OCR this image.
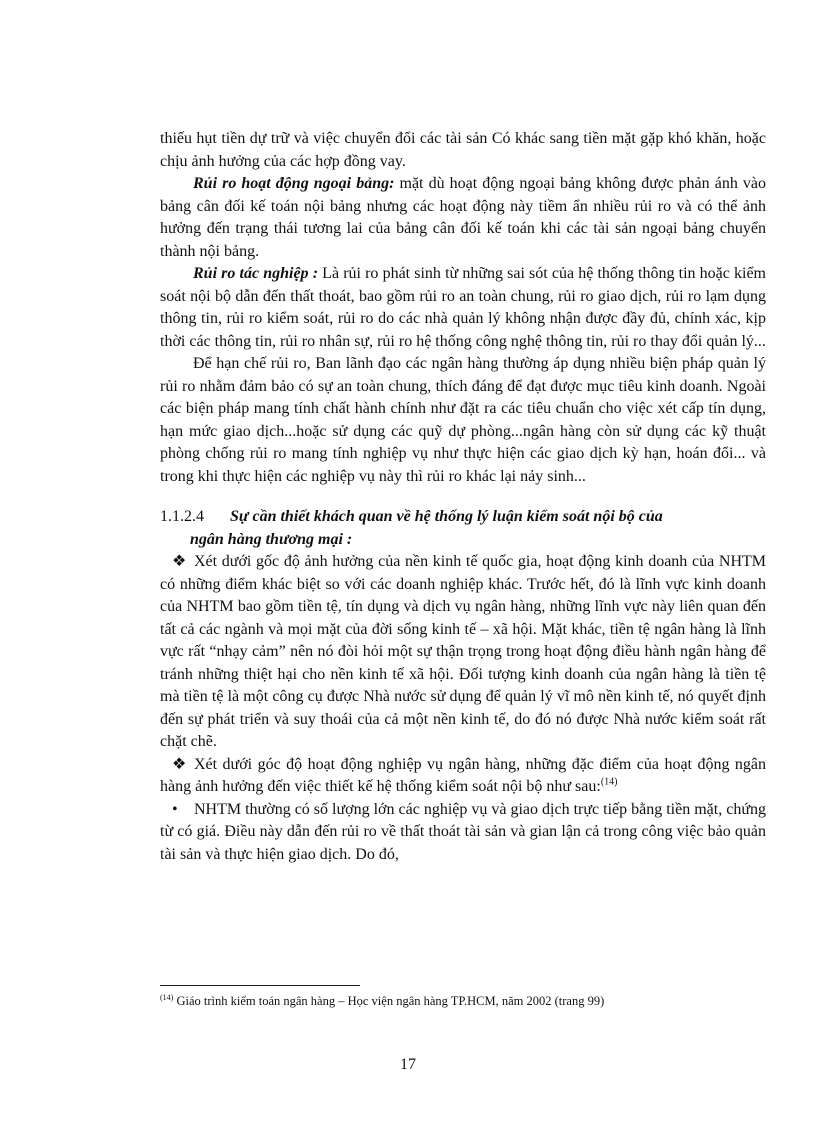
thiếu hụt tiền dự trữ và việc chuyển đổi các tài sản Có khác sang tiền mặt gặp khó khăn, hoặc chịu ảnh hưởng của các hợp đồng vay.

Rủi ro hoạt động ngoại bảng: mặt dù hoạt động ngoại bảng không được phản ánh vào bảng cân đối kế toán nội bảng nhưng các hoạt động này tiềm ẩn nhiều rủi ro và có thể ảnh hưởng đến trạng thái tương lai của bảng cân đối kế toán khi các tài sản ngoại bảng chuyển thành nội bảng.

Rủi ro tác nghiệp : Là rủi ro phát sinh từ những sai sót của hệ thống thông tin hoặc kiểm soát nội bộ dẫn đến thất thoát, bao gồm rủi ro an toàn chung, rủi ro giao dịch, rủi ro lạm dụng thông tin, rủi ro kiểm soát, rủi ro do các nhà quản lý không nhận được đầy đủ, chính xác, kịp thời các thông tin, rủi ro nhân sự, rủi ro hệ thống công nghệ thông tin, rủi ro thay đổi quản lý...

Để hạn chế rủi ro, Ban lãnh đạo các ngân hàng thường áp dụng nhiều biện pháp quản lý rủi ro nhằm đảm bảo có sự an toàn chung, thích đáng để đạt được mục tiêu kinh doanh. Ngoài các biện pháp mang tính chất hành chính như đặt ra các tiêu chuẩn cho việc xét cấp tín dụng, hạn mức giao dịch...hoặc sử dụng các quỹ dự phòng...ngân hàng còn sử dụng các kỹ thuật phòng chống rủi ro mang tính nghiệp vụ như thực hiện các giao dịch kỳ hạn, hoán đổi... và trong khi thực hiện các nghiệp vụ này thì rủi ro khác lại nảy sinh...

1.1.2.4	Sự cần thiết khách quan về hệ thống lý luận kiểm soát nội bộ của

ngân hàng thương mại :

❖ Xét dưới gốc độ ảnh hưởng của nền kinh tế quốc gia, hoạt động kinh doanh của NHTM có những điểm khác biệt so với các doanh nghiệp khác. Trước hết, đó là lĩnh vực kinh doanh của NHTM bao gồm tiền tệ, tín dụng và dịch vụ ngân hàng, những lĩnh vực này liên quan đến tất cả các ngành và mọi mặt của đời sống kinh tế – xã hội. Mặt khác, tiền tệ ngân hàng là lĩnh vực rất “nhạy cảm” nên nó đòi hỏi một sự thận trọng trong hoạt động điều hành ngân hàng để tránh những thiệt hại cho nền kinh tế xã hội. Đối tượng kinh doanh của ngân hàng là tiền tệ mà tiền tệ là một công cụ được Nhà nước sử dụng để quản lý vĩ mô nền kinh tế, nó quyết định đến sự phát triển và suy thoái của cả một nền kinh tế, do đó nó được Nhà nước kiểm soát rất chặt chẽ.

❖ Xét dưới góc độ hoạt động nghiệp vụ ngân hàng, những đặc điểm của hoạt động ngân hàng ảnh hưởng đến việc thiết kế hệ thống kiểm soát nội bộ như sau:$^{(14)}$

• NHTM thường có số lượng lớn các nghiệp vụ và giao dịch trực tiếp bằng tiền mặt, chứng từ có giá. Điều này dẫn đến rủi ro về thất thoát tài sản và gian lận cả trong công việc bảo quản tài sản và thực hiện giao dịch. Do đó,

$^{(14)}$ Giáo trình kiểm toán ngân hàng – Học viện ngân hàng TP.HCM, năm 2002 (trang 99)
17
